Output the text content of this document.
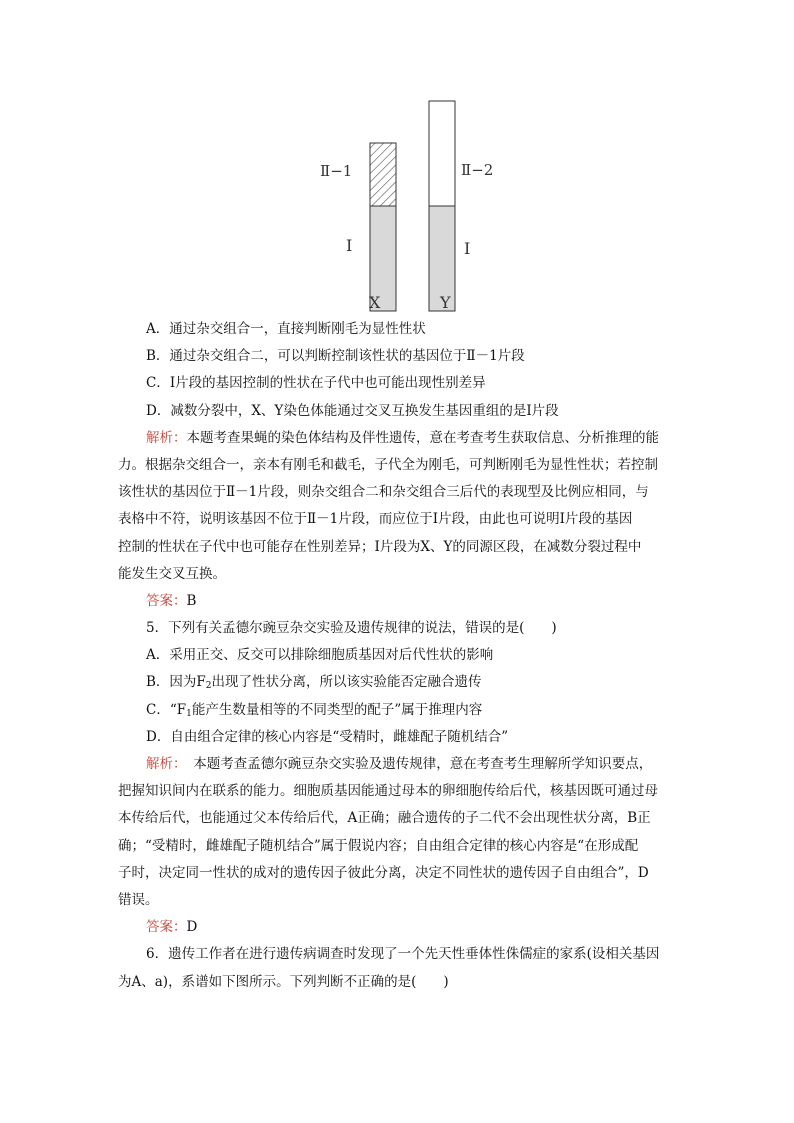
Ⅱ−1	Ⅱ−2
Ⅰ	Ⅰ
X	Y
A．通过杂交组合一，直接判断刚毛为显性性状
B．通过杂交组合二，可以判断控制该性状的基因位于Ⅱ－1片段
C．Ⅰ片段的基因控制的性状在子代中也可能出现性别差异
D．减数分裂中，X、Y染色体能通过交叉互换发生基因重组的是Ⅰ片段
解析：本题考查果蝇的染色体结构及伴性遗传，意在考查考生获取信息、分析推理的能
力。根据杂交组合一，亲本有刚毛和截毛，子代全为刚毛，可判断刚毛为显性性状；若控制
该性状的基因位于Ⅱ－1片段，则杂交组合二和杂交组合三后代的表现型及比例应相同，与
表格中不符，说明该基因不位于Ⅱ－1片段，而应位于Ⅰ片段，由此也可说明Ⅰ片段的基因
控制的性状在子代中也可能存在性别差异；Ⅰ片段为X、Y的同源区段，在减数分裂过程中
能发生交叉互换。
答案：B
5．下列有关孟德尔豌豆杂交实验及遗传规律的说法，错误的是(　　)
A．采用正交、反交可以排除细胞质基因对后代性状的影响
B．因为$F_2$出现了性状分离，所以该实验能否定融合遗传
C．“$F_1$能产生数量相等的不同类型的配子”属于推理内容
D．自由组合定律的核心内容是“受精时，雌雄配子随机结合”
解析：　本题考查孟德尔豌豆杂交实验及遗传规律，意在考查考生理解所学知识要点，
把握知识间内在联系的能力。细胞质基因能通过母本的卵细胞传给后代，核基因既可通过母
本传给后代，也能通过父本传给后代，A正确；融合遗传的子二代不会出现性状分离，B正
确；“受精时，雌雄配子随机结合”属于假说内容；自由组合定律的核心内容是“在形成配
子时，决定同一性状的成对的遗传因子彼此分离，决定不同性状的遗传因子自由组合”，D
错误。
答案：D
6．遗传工作者在进行遗传病调查时发现了一个先天性垂体性侏儒症的家系(设相关基因
为A、a)，系谱如下图所示。下列判断不正确的是(　　)
